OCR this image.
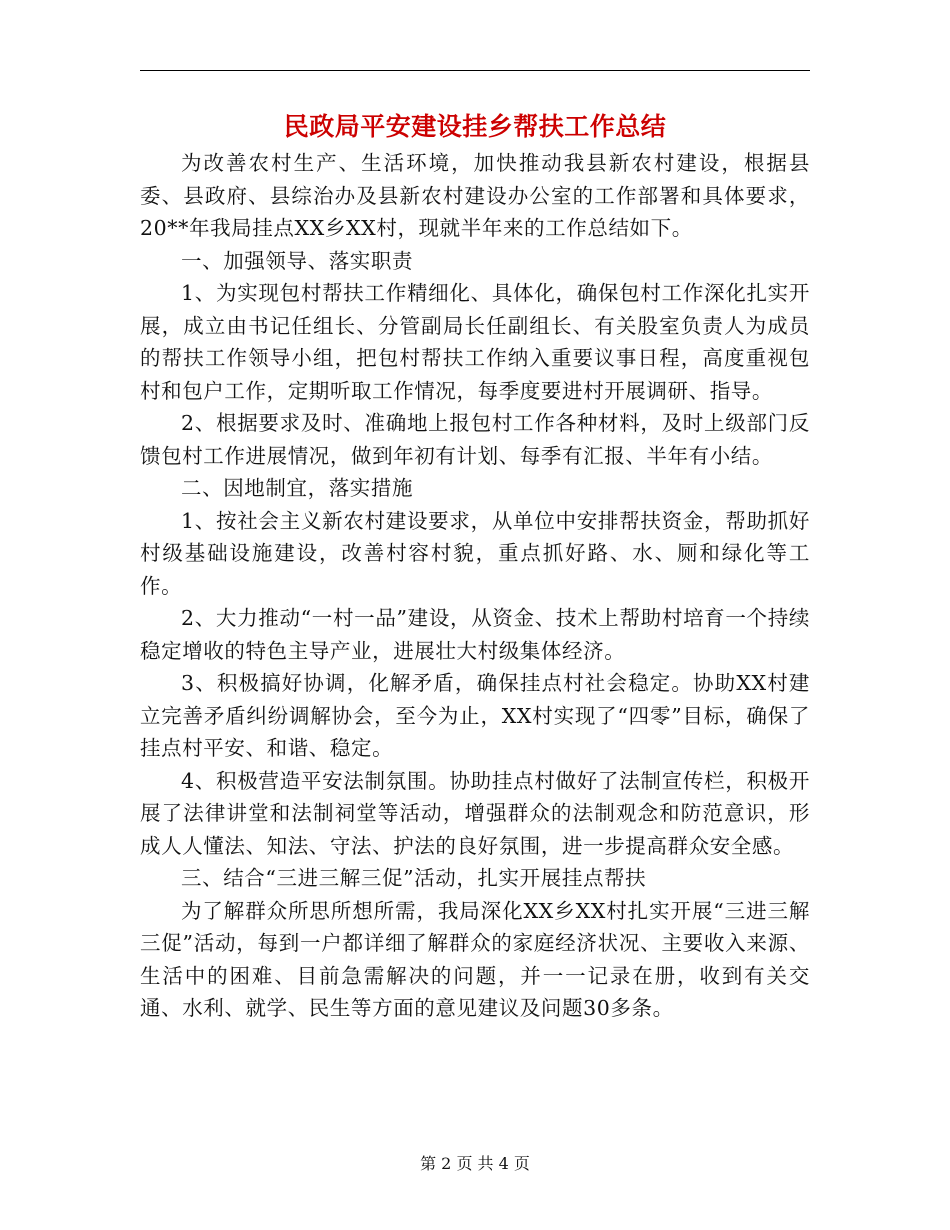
民政局平安建设挂乡帮扶工作总结

为改善农村生产、生活环境，加快推动我县新农村建设，根据县委、县政府、县综治办及县新农村建设办公室的工作部署和具体要求，20**年我局挂点XX乡XX村，现就半年来的工作总结如下。

一、加强领导、落实职责

1、为实现包村帮扶工作精细化、具体化，确保包村工作深化扎实开展，成立由书记任组长、分管副局长任副组长、有关股室负责人为成员的帮扶工作领导小组，把包村帮扶工作纳入重要议事日程，高度重视包村和包户工作，定期听取工作情况，每季度要进村开展调研、指导。

2、根据要求及时、准确地上报包村工作各种材料，及时上级部门反馈包村工作进展情况，做到年初有计划、每季有汇报、半年有小结。

二、因地制宜，落实措施

1、按社会主义新农村建设要求，从单位中安排帮扶资金，帮助抓好村级基础设施建设，改善村容村貌，重点抓好路、水、厕和绿化等工作。

2、大力推动“一村一品”建设，从资金、技术上帮助村培育一个持续稳定增收的特色主导产业，进展壮大村级集体经济。

3、积极搞好协调，化解矛盾，确保挂点村社会稳定。协助XX村建立完善矛盾纠纷调解协会，至今为止，XX村实现了“四零”目标，确保了挂点村平安、和谐、稳定。

4、积极营造平安法制氛围。协助挂点村做好了法制宣传栏，积极开展了法律讲堂和法制祠堂等活动，增强群众的法制观念和防范意识，形成人人懂法、知法、守法、护法的良好氛围，进一步提高群众安全感。

三、结合“三进三解三促”活动，扎实开展挂点帮扶

为了解群众所思所想所需，我局深化XX乡XX村扎实开展“三进三解三促”活动，每到一户都详细了解群众的家庭经济状况、主要收入来源、生活中的困难、目前急需解决的问题，并一一记录在册，收到有关交通、水利、就学、民生等方面的意见建议及问题30多条。

第 2 页 共 4 页
